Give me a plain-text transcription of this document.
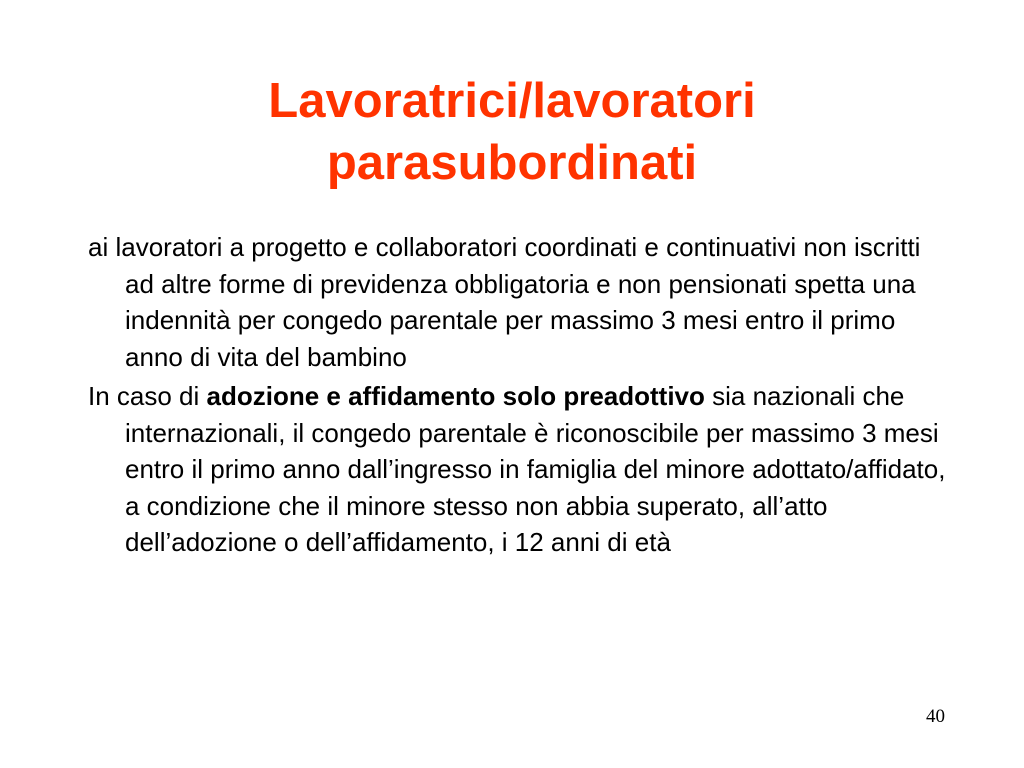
Lavoratrici/lavoratori
parasubordinati

ai lavoratori a progetto e collaboratori coordinati e continuativi non iscritti ad altre forme di previdenza obbligatoria e non pensionati spetta una indennità per congedo parentale per massimo 3 mesi entro il primo anno di vita del bambino

In caso di adozione e affidamento solo preadottivo sia nazionali che internazionali, il congedo parentale è riconoscibile per massimo 3 mesi entro il primo anno dall’ingresso in famiglia del minore adottato/affidato, a condizione che il minore stesso non abbia superato, all’atto dell’adozione o dell’affidamento, i 12 anni di età

40
